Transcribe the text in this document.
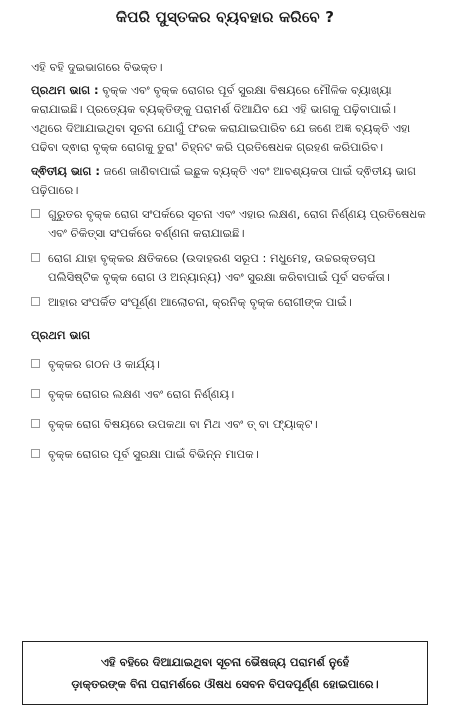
କିପରି ପୁସ୍ତକର ବ୍ୟବହାର କରିବେ ?

ଏହି ବହି ଦୁଇଭାଗରେ ବିଭକ୍ତ।

ପ୍ରଥମ ଭାଗ : ବୃକ୍କ ଏବଂ ବୃକ୍କ ରୋଗର ପୂର୍ବ ସୁରକ୍ଷା ବିଷୟରେ ମୌଳିକ ବ୍ୟାଖ୍ୟା କରାଯାଇଛି। ପ୍ରତ୍ୟେକ ବ୍ୟକ୍ତିଙ୍କୁ ପରାମର୍ଶ ଦିଆଯିବ ଯେ ଏହି ଭାଗକୁ ପଢ଼ିବାପାଇଁ। ଏଥିରେ ଦିଆଯାଇଥିବା ସୂଚନା ଯୋଗୁଁ ଫରକ କରାଯାଇପାରିବ ଯେ ଜଣେ ଅଜ୍ଞ ବ୍ୟକ୍ତି ଏହା ପଢିବା ଦ୍ଵାରା ବୃକ୍କ ରୋଗକୁ ତୁରା' ଚିହ୍ନଟ କରି ପ୍ରତିଷେଧକ ଗ୍ରହଣ କରିପାରିବ।

ଦ୍ଵିତୀୟ ଭାଗ : ଜଣେ ଜାଣିବାପାଇଁ ଇଛୁକ ବ୍ୟକ୍ତି ଏବଂ ଆବଶ୍ୟକତା ପାଇଁ ଦ୍ଵିତୀୟ ଭାଗ ପଢ଼ିପାରେ।

ଗୁରୁତର ବୃକ୍କ ରୋଗ ସଂପର୍କରେ ସୂଚନା ଏବଂ ଏହାର ଲକ୍ଷଣ, ରୋଗ ନିର୍ଣ୍ଣୟ ପ୍ରତିଷେଧକ ଏବଂ ଚିକିତ୍ସା ସଂପର୍କରେ ବର୍ଣ୍ଣନା କରାଯାଇଛି।
ରୋଗ ଯାହା ବୃକ୍କର କ୍ଷତିକରେ (ଉଦାହରଣ ସରୂପ : ମଧୁମେହ, ଉଚ୍ଚରକ୍ତଚାପ ପଲିସିଷ୍ଟିକ ବୃକ୍କ ରୋଗ ଓ ଅନ୍ୟାନ୍ୟ) ଏବଂ ସୁରକ୍ଷା କରିବାପାଇଁ ପୂର୍ବ ସତର୍କତା।
ଆହାର ସଂପର୍କିତ ସଂପୂର୍ଣ୍ଣ ଆଲୋଚନା, କ୍ରନିକ୍ ବୃକ୍କ ରୋଗୀଙ୍କ ପାଇଁ।

ପ୍ରଥମ ଭାଗ

ବୃକ୍କର ଗଠନ ଓ କାର୍ଯ୍ୟ।
ବୃକ୍କ ରୋଗର ଲକ୍ଷଣ ଏବଂ ରୋଗ ନିର୍ଣ୍ଣୟ।
ବୃକ୍କ ରୋଗ ବିଷୟରେ ଉପକଥା ବା ମିଥ ଏବଂ ତ୍ ବା ଫ୍ୟାକ୍ଟ।
ବୃକ୍କ ରୋଗର ପୂର୍ବ ସୁରକ୍ଷା ପାଇଁ ବିଭିନ୍ନ ମାପକ।
ଏହି ବହିରେ ଦିଆଯାଇଥିବା ସୂଚନା ଭୈଷଜ୍ୟ ପରାମର୍ଶ ନୁହେଁ
ଡ଼ାକ୍ତରଙ୍କ ବିନା ପରାମର୍ଶରେ ଔଷଧ ସେବନ ବିପଦପୂର୍ଣ୍ଣ ହୋଇପାରେ।
